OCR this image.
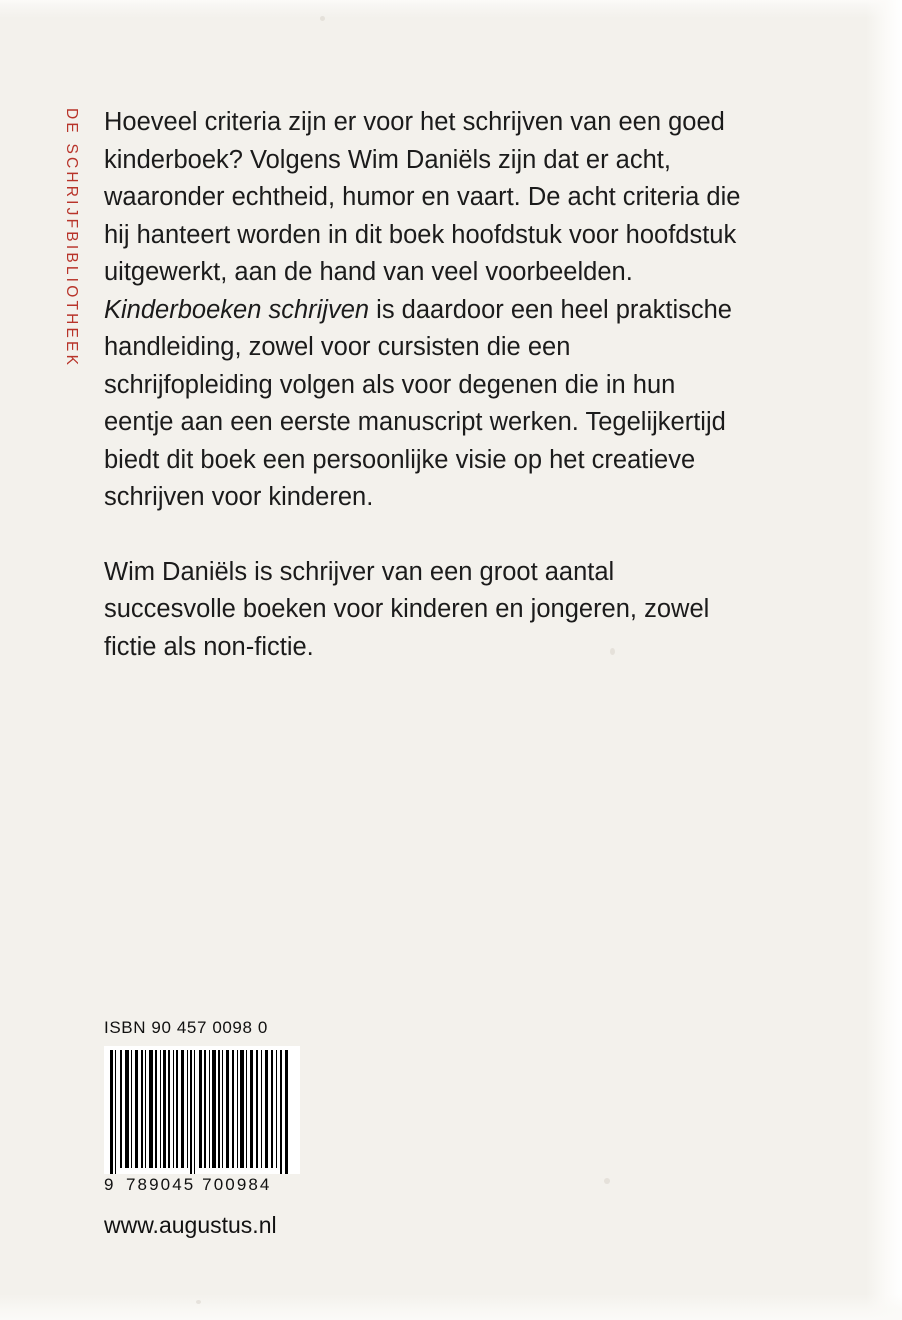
DE SCHRIJFBIBLIOTHEEK Hoeveel criteria zijn er voor het schrijven van een goed kinderboek? Volgens Wim Daniëls zijn dat er acht, waaronder echtheid, humor en vaart. De acht criteria die hij hanteert worden in dit boek hoofdstuk voor hoofdstuk uitgewerkt, aan de hand van veel voorbeelden. Kinderboeken schrijven is daardoor een heel praktische handleiding, zowel voor cursisten die een schrijfopleiding volgen als voor degenen die in hun eentje aan een eerste manuscript werken. Tegelijkertijd biedt dit boek een persoonlijke visie op het creatieve schrijven voor kinderen.

Wim Daniëls is schrijver van een groot aantal succesvolle boeken voor kinderen en jongeren, zowel fictie als non-fictie.

ISBN 90 457 0098 0
9 789045 700984
www.augustus.nl
